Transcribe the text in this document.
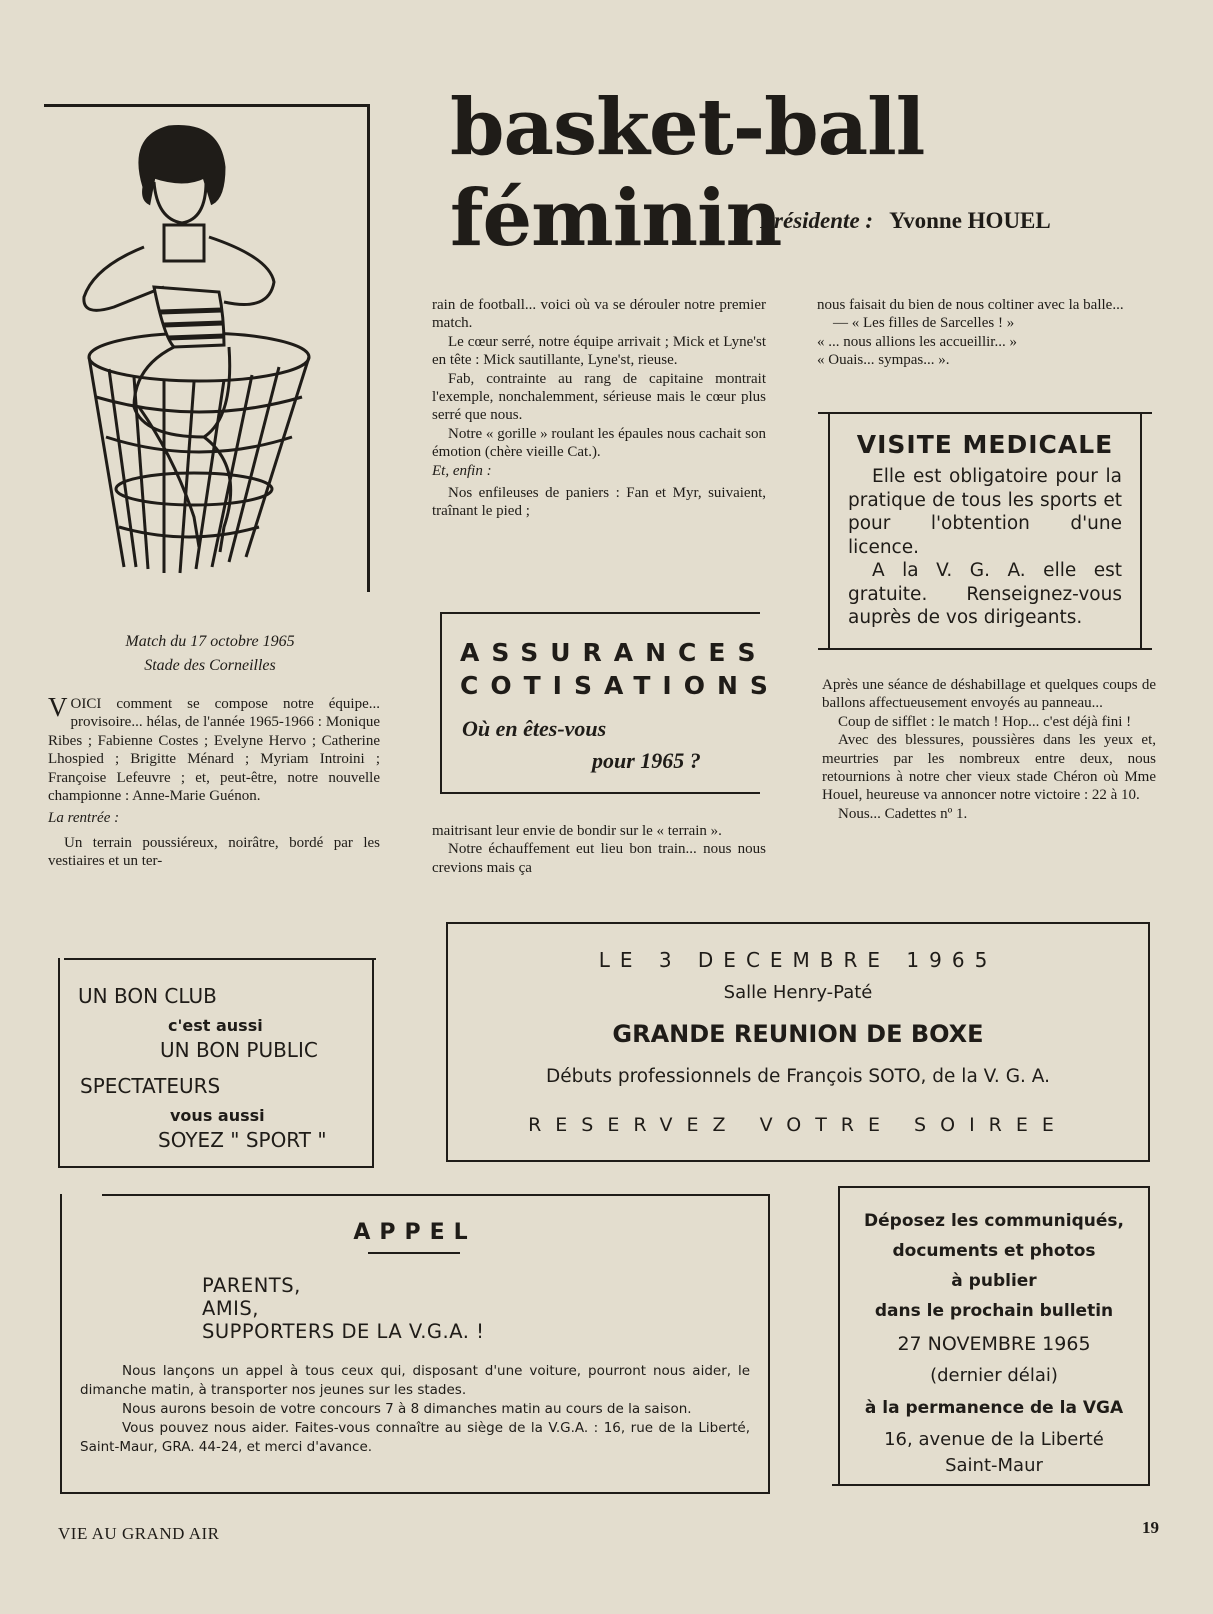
basket-ball féminin
Présidente : Yvonne HOUEL
Match du 17 octobre 1965
Stade des Corneilles

VOICI comment se compose notre équipe... provisoire... hélas, de l'année 1965-1966 : Monique Ribes ; Fabienne Costes ; Evelyne Hervo ; Catherine Lhospied ; Brigitte Ménard ; Myriam Introini ; Françoise Lefeuvre ; et, peut-être, notre nouvelle championne : Anne-Marie Guénon.

La rentrée :

Un terrain poussiéreux, noirâtre, bordé par les vestiaires et un ter-

rain de football... voici où va se dérouler notre premier match.

Le cœur serré, notre équipe arrivait ; Mick et Lyne'st en tête : Mick sautillante, Lyne'st, rieuse.

Fab, contrainte au rang de capitaine montrait l'exemple, nonchalemment, sérieuse mais le cœur plus serré que nous.

Notre « gorille » roulant les épaules nous cachait son émotion (chère vieille Cat.).

Et, enfin :

Nos enfileuses de paniers : Fan et Myr, suivaient, traînant le pied ;

ASSURANCES
COTISATIONS
Où en êtes-vous
pour 1965 ?

maitrisant leur envie de bondir sur le « terrain ».

Notre échauffement eut lieu bon train... nous nous crevions mais ça

nous faisait du bien de nous coltiner avec la balle...

— « Les filles de Sarcelles ! »

« ... nous allions les accueillir... »

« Ouais... sympas... ».

VISITE MEDICALE

Elle est obligatoire pour la pratique de tous les sports et pour l'obtention d'une licence.

A la V. G. A. elle est gratuite. Renseignez-vous auprès de vos dirigeants.

Après une séance de déshabillage et quelques coups de ballons affectueusement envoyés au panneau...

Coup de sifflet : le match ! Hop... c'est déjà fini !

Avec des blessures, poussières dans les yeux et, meurtries par les nombreux entre deux, nous retournions à notre cher vieux stade Chéron où Mme Houel, heureuse va annoncer notre victoire : 22 à 10.

Nous... Cadettes nº 1.

UN BON CLUB
c'est aussi
UN BON PUBLIC
SPECTATEURS
vous aussi
SOYEZ " SPORT "
LE 3 DECEMBRE 1965
Salle Henry-Paté
GRANDE REUNION DE BOXE
Débuts professionnels de François SOTO, de la V. G. A.
RESERVEZ VOTRE SOIREE
APPEL
PARENTS,
AMIS,
SUPPORTERS DE LA V.G.A. !

Nous lançons un appel à tous ceux qui, disposant d'une voiture, pourront nous aider, le dimanche matin, à transporter nos jeunes sur les stades.

Nous aurons besoin de votre concours 7 à 8 dimanches matin au cours de la saison.

Vous pouvez nous aider. Faites-vous connaître au siège de la V.G.A. : 16, rue de la Liberté, Saint-Maur, GRA. 44-24, et merci d'avance.

Déposez les communiqués,
documents et photos
à publier
dans le prochain bulletin
27 NOVEMBRE 1965
(dernier délai)
à la permanence de la VGA
16, avenue de la Liberté
Saint-Maur
VIE AU GRAND AIR	19
